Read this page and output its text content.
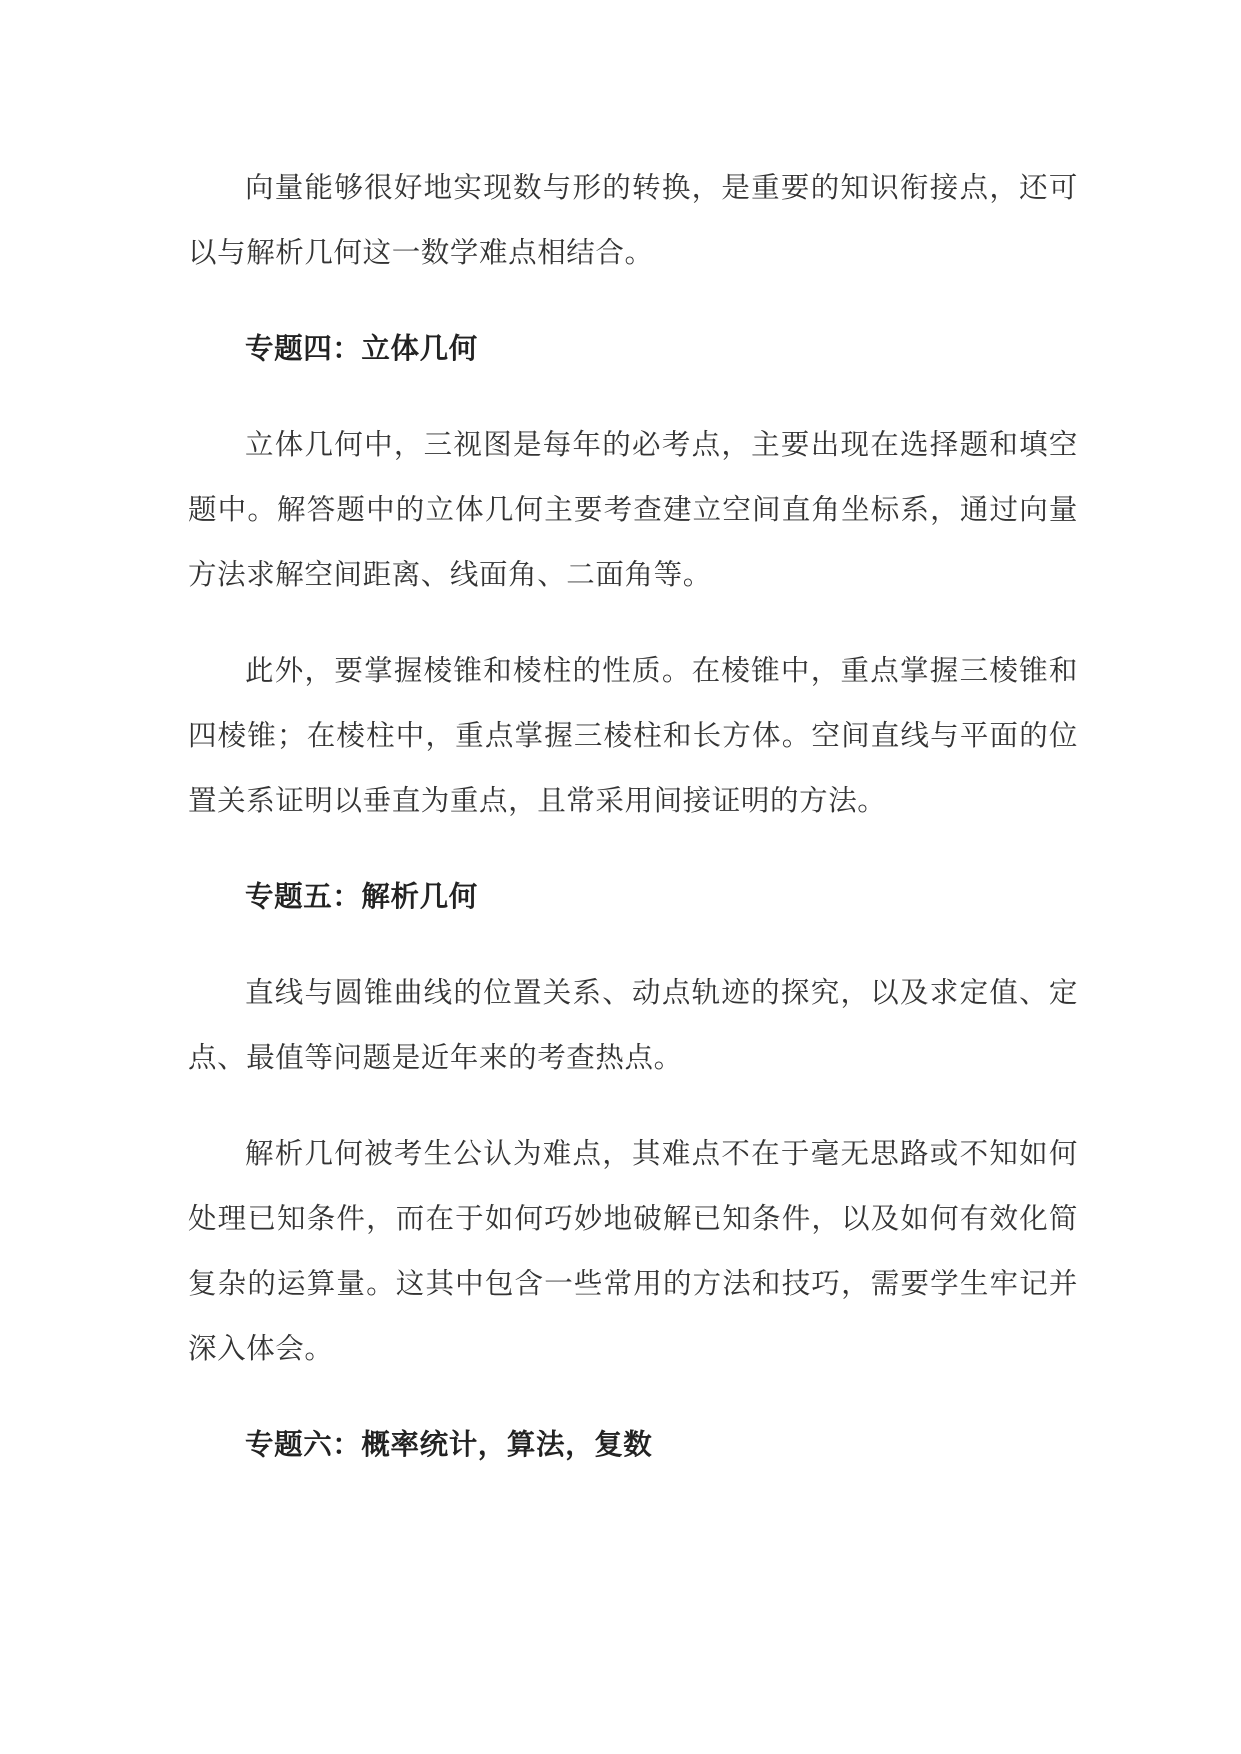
向量能够很好地实现数与形的转换，是重要的知识衔接点，还可以与解析几何这一数学难点相结合。

专题四：立体几何

立体几何中，三视图是每年的必考点，主要出现在选择题和填空题中。解答题中的立体几何主要考查建立空间直角坐标系，通过向量方法求解空间距离、线面角、二面角等。

此外，要掌握棱锥和棱柱的性质。在棱锥中，重点掌握三棱锥和四棱锥；在棱柱中，重点掌握三棱柱和长方体。空间直线与平面的位置关系证明以垂直为重点，且常采用间接证明的方法。

专题五：解析几何

直线与圆锥曲线的位置关系、动点轨迹的探究，以及求定值、定点、最值等问题是近年来的考查热点。

解析几何被考生公认为难点，其难点不在于毫无思路或不知如何处理已知条件，而在于如何巧妙地破解已知条件，以及如何有效化简复杂的运算量。这其中包含一些常用的方法和技巧，需要学生牢记并深入体会。

专题六：概率统计，算法，复数
